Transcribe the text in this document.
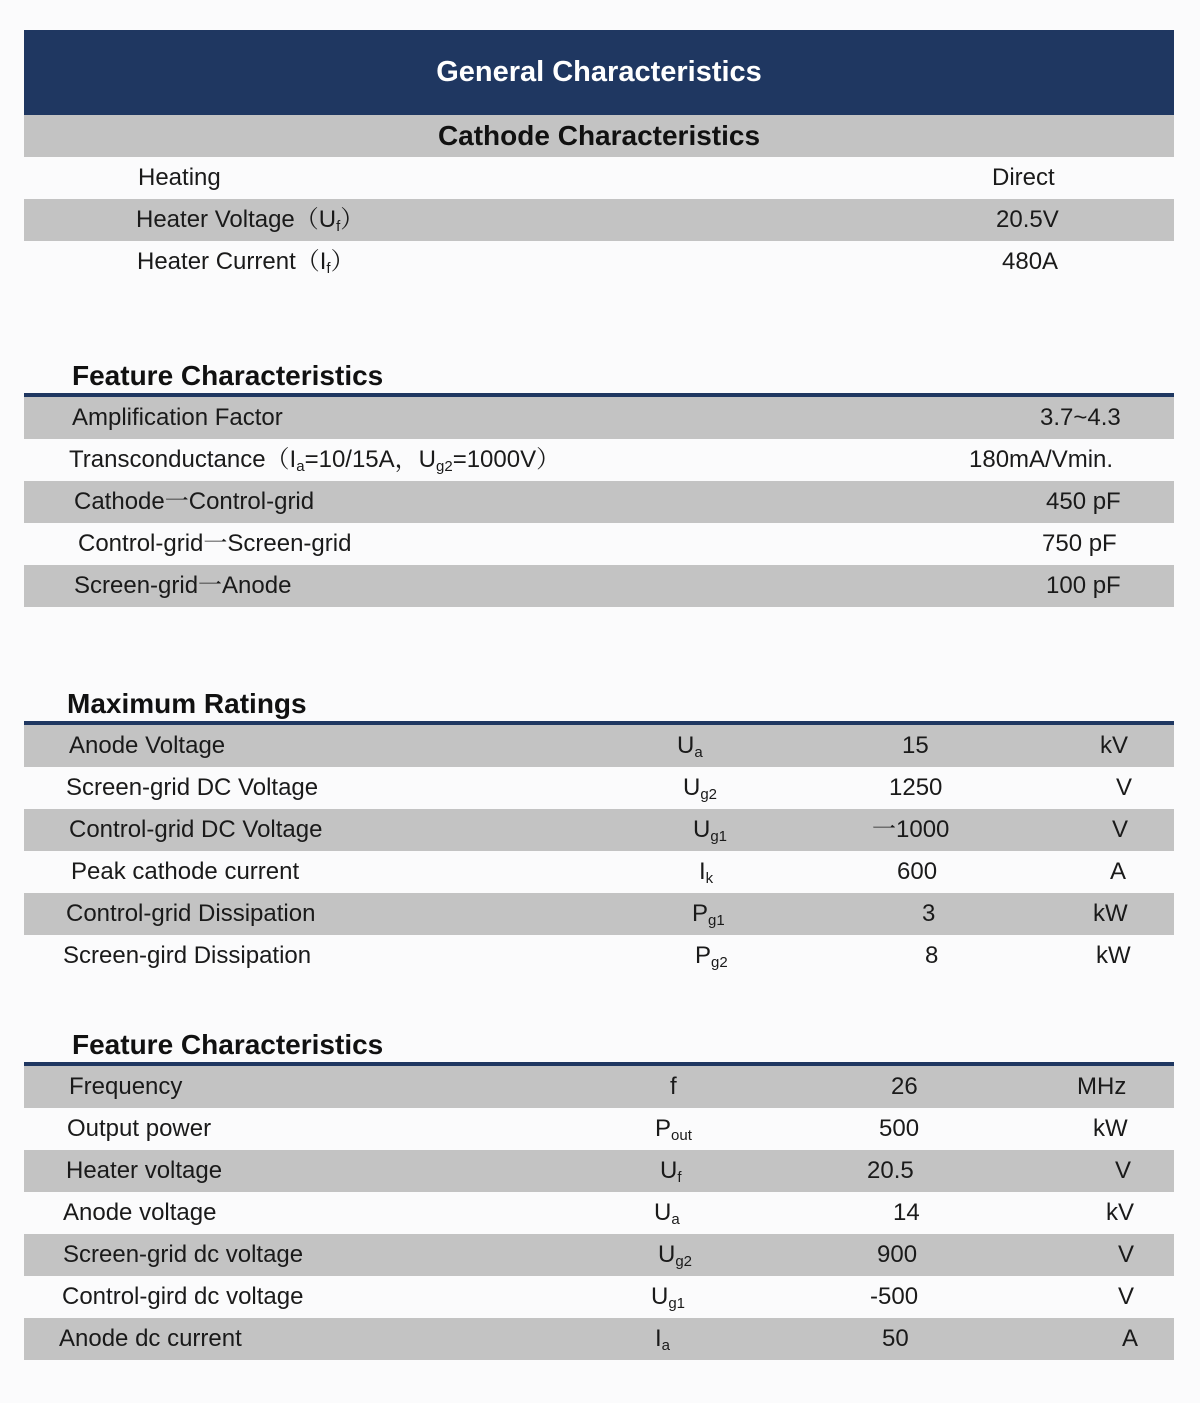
General Characteristics
Cathode Characteristics
Heating	Direct
Heater $Voltage(U_f)$	20.5V
Heater $Current(I_f)$	480A
Feature Characteristics
Amplification Factor	3.7~4.3
$Transconductance(I_a=10/15A$，$U_{g2}=1000V$）	180mA/Vmin.
Cathode一Control-grid	450 pF
Control-grid一Screen-grid	750 pF
Screen-grid一Anode	100 pF
Maximum Ratings
Anode Voltage	$U_a$	15	kV
Screen-grid DC Voltage	$U_{g2}$	1250	V
Control-grid DC Voltage	$U_{g1}$	一1000	V
Peak cathode current	$I_k$	600	A
Control-grid Dissipation	$P_{g1}$	3	kW
Screen-gird Dissipation	$P_{g2}$	8	kW
Feature Characteristics
Frequency	f	26	MHz
Output power	$P_{out}$	500	kW
Heater voltage	$U_f$	20.5	V
Anode voltage	$U_a$	14	kV
Screen-grid dc voltage	$U_{g2}$	900	V
Control-gird dc voltage	$U_{g1}$	-500	V
Anode dc current	$I_a$	50	A
